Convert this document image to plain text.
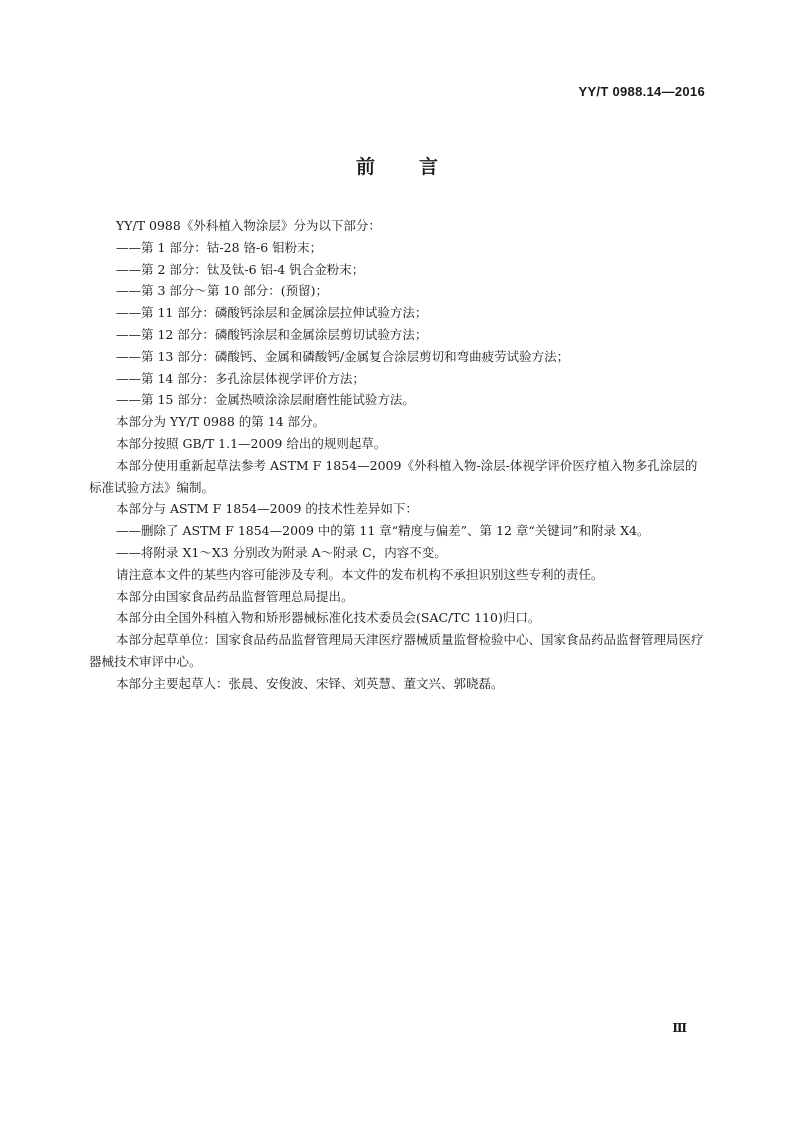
YY/T 0988.14—2016
前言

YY/T 0988《外科植入物涂层》分为以下部分：

——第 1 部分：钴-28 铬-6 钼粉末；

——第 2 部分：钛及钛-6 铝-4 钒合金粉末；

——第 3 部分～第 10 部分：(预留)；

——第 11 部分：磷酸钙涂层和金属涂层拉伸试验方法；

——第 12 部分：磷酸钙涂层和金属涂层剪切试验方法；

——第 13 部分：磷酸钙、金属和磷酸钙/金属复合涂层剪切和弯曲疲劳试验方法；

——第 14 部分：多孔涂层体视学评价方法；

——第 15 部分：金属热喷涂涂层耐磨性能试验方法。

本部分为 YY/T 0988 的第 14 部分。

本部分按照 GB/T 1.1—2009 给出的规则起草。

本部分使用重新起草法参考 ASTM F 1854—2009《外科植入物-涂层-体视学评价医疗植入物多孔涂层的标准试验方法》编制。

本部分与 ASTM F 1854—2009 的技术性差异如下：

——删除了 ASTM F 1854—2009 中的第 11 章“精度与偏差”、第 12 章“关键词”和附录 X4。

——将附录 X1～X3 分别改为附录 A～附录 C，内容不变。

请注意本文件的某些内容可能涉及专利。本文件的发布机构不承担识别这些专利的责任。

本部分由国家食品药品监督管理总局提出。

本部分由全国外科植入物和矫形器械标准化技术委员会(SAC/TC 110)归口。

本部分起草单位：国家食品药品监督管理局天津医疗器械质量监督检验中心、国家食品药品监督管理局医疗器械技术审评中心。

本部分主要起草人：张晨、安俊波、宋铎、刘英慧、董文兴、郭晓磊。

Ⅲ
